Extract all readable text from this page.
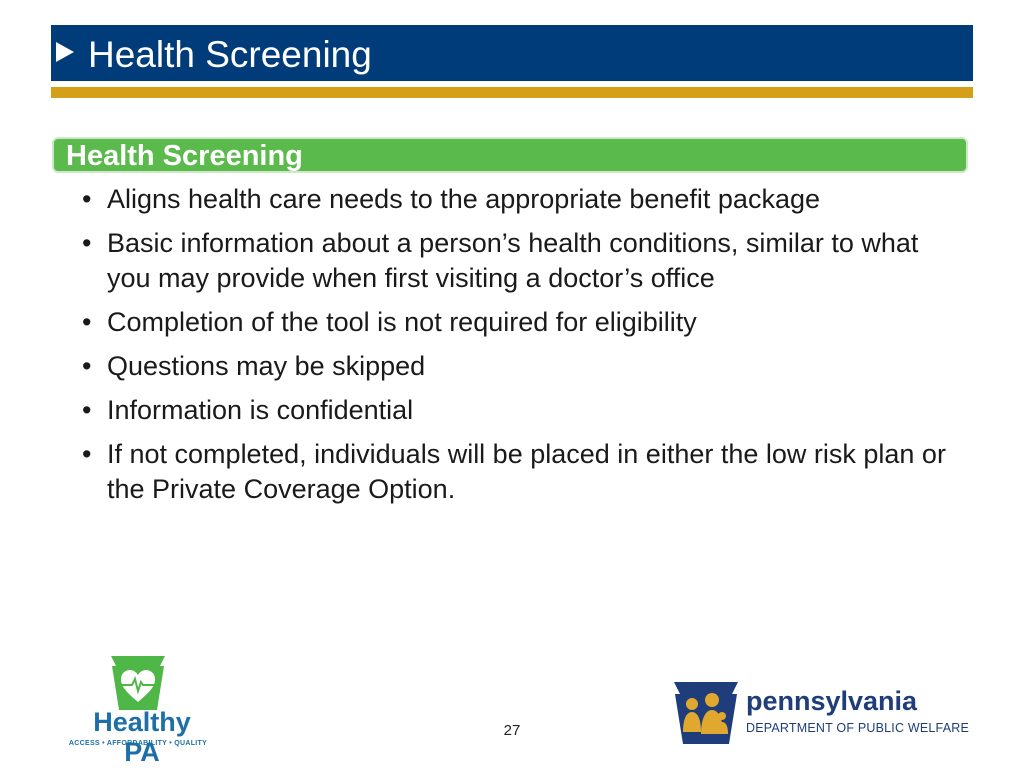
Health Screening
Health Screening
• Aligns health care needs to the appropriate benefit package
• Basic information about a person’s health conditions, similar to what you may provide when first visiting a doctor’s office
• Completion of the tool is not required for eligibility
• Questions may be skipped
• Information is confidential
• If not completed, individuals will be placed in either the low risk plan or the Private Coverage Option.
Healthy PA
ACCESS • AFFORDABILITY • QUALITY
27
pennsylvania
DEPARTMENT OF PUBLIC WELFARE
